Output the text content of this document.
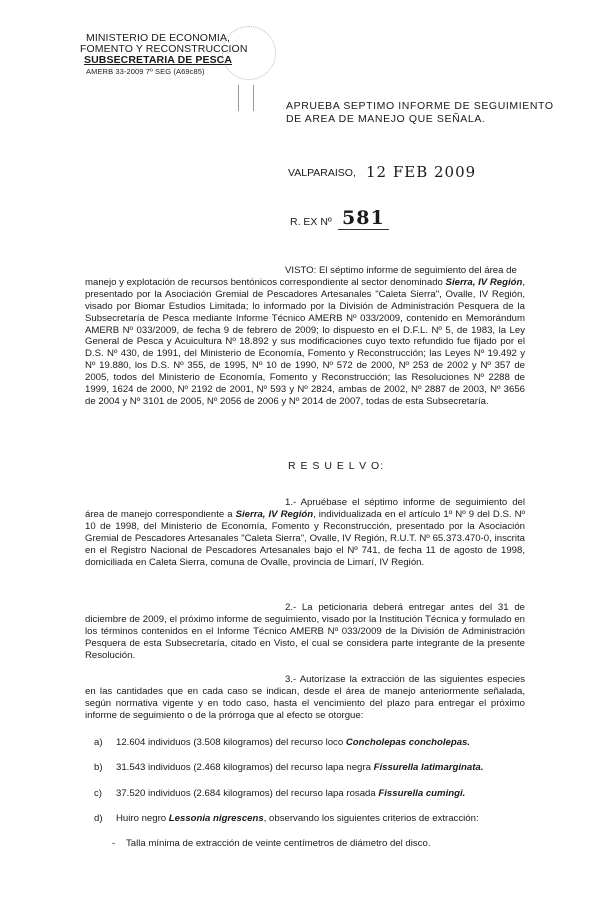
MINISTERIO DE ECONOMIA,
FOMENTO Y RECONSTRUCCION
SUBSECRETARIA DE PESCA
AMERB 33-2009 7º SEG (A69c85)
APRUEBA SEPTIMO INFORME DE SEGUIMIENTO
DE AREA DE MANEJO QUE SEÑALA.
VALPARAISO, 12 FEB 2009
R. EX Nº 581

VISTO: El séptimo informe de seguimiento del área de

manejo y explotación de recursos bentónicos correspondiente al sector denominado Sierra, IV Región, presentado por la Asociación Gremial de Pescadores Artesanales "Caleta Sierra", Ovalle, IV Región, visado por Biomar Estudios Limitada; lo informado por la División de Administración Pesquera de la Subsecretaría de Pesca mediante Informe Técnico AMERB Nº 033/2009, contenido en Memorándum AMERB Nº 033/2009, de fecha 9 de febrero de 2009; lo dispuesto en el D.F.L. Nº 5, de 1983, la Ley General de Pesca y Acuicultura Nº 18.892 y sus modificaciones cuyo texto refundido fue fijado por el D.S. Nº 430, de 1991, del Ministerio de Economía, Fomento y Reconstrucción; las Leyes Nº 19.492 y Nº 19.880, los D.S. Nº 355, de 1995, Nº 10 de 1990, Nº 572 de 2000, Nº 253 de 2002 y Nº 357 de 2005, todos del Ministerio de Economía, Fomento y Reconstrucción; las Resoluciones Nº 2288 de 1999, 1624 de 2000, Nº 2192 de 2001, Nº 593 y Nº 2824, ambas de 2002, Nº 2887 de 2003, Nº 3656 de 2004 y Nº 3101 de 2005, Nº 2056 de 2006 y Nº 2014 de 2007, todas de esta Subsecretaría.

R E S U E L V O:

1.- Apruébase el séptimo informe de seguimiento del área de manejo correspondiente a Sierra, IV Región, individualizada en el artículo 1º Nº 9 del D.S. Nº 10 de 1998, del Ministerio de Economía, Fomento y Reconstrucción, presentado por la Asociación Gremial de Pescadores Artesanales "Caleta Sierra", Ovalle, IV Región, R.U.T. Nº 65.373.470-0, inscrita en el Registro Nacional de Pescadores Artesanales bajo el Nº 741, de fecha 11 de agosto de 1998, domiciliada en Caleta Sierra, comuna de Ovalle, provincia de Limarí, IV Región.

2.- La peticionaria deberá entregar antes del 31 de diciembre de 2009, el próximo informe de seguimiento, visado por la Institución Técnica y formulado en los términos contenidos en el Informe Técnico AMERB Nº 033/2009 de la División de Administración Pesquera de esta Subsecretaría, citado en Visto, el cual se considera parte integrante de la presente Resolución.

3.- Autorízase la extracción de las siguientes especies en las cantidades que en cada caso se indican, desde el área de manejo anteriormente señalada, según normativa vigente y en todo caso, hasta el vencimiento del plazo para entregar el próximo informe de seguimiento o de la prórroga que al efecto se otorgue:

a) 12.604 individuos (3.508 kilogramos) del recurso loco Concholepas concholepas.
b) 31.543 individuos (2.468 kilogramos) del recurso lapa negra Fissurella latimarginata.
c) 37.520 individuos (2.684 kilogramos) del recurso lapa rosada Fissurella cumingi.
d) Huiro negro Lessonia nigrescens, observando los siguientes criterios de extracción:
- Talla mínima de extracción de veinte centímetros de diámetro del disco.
